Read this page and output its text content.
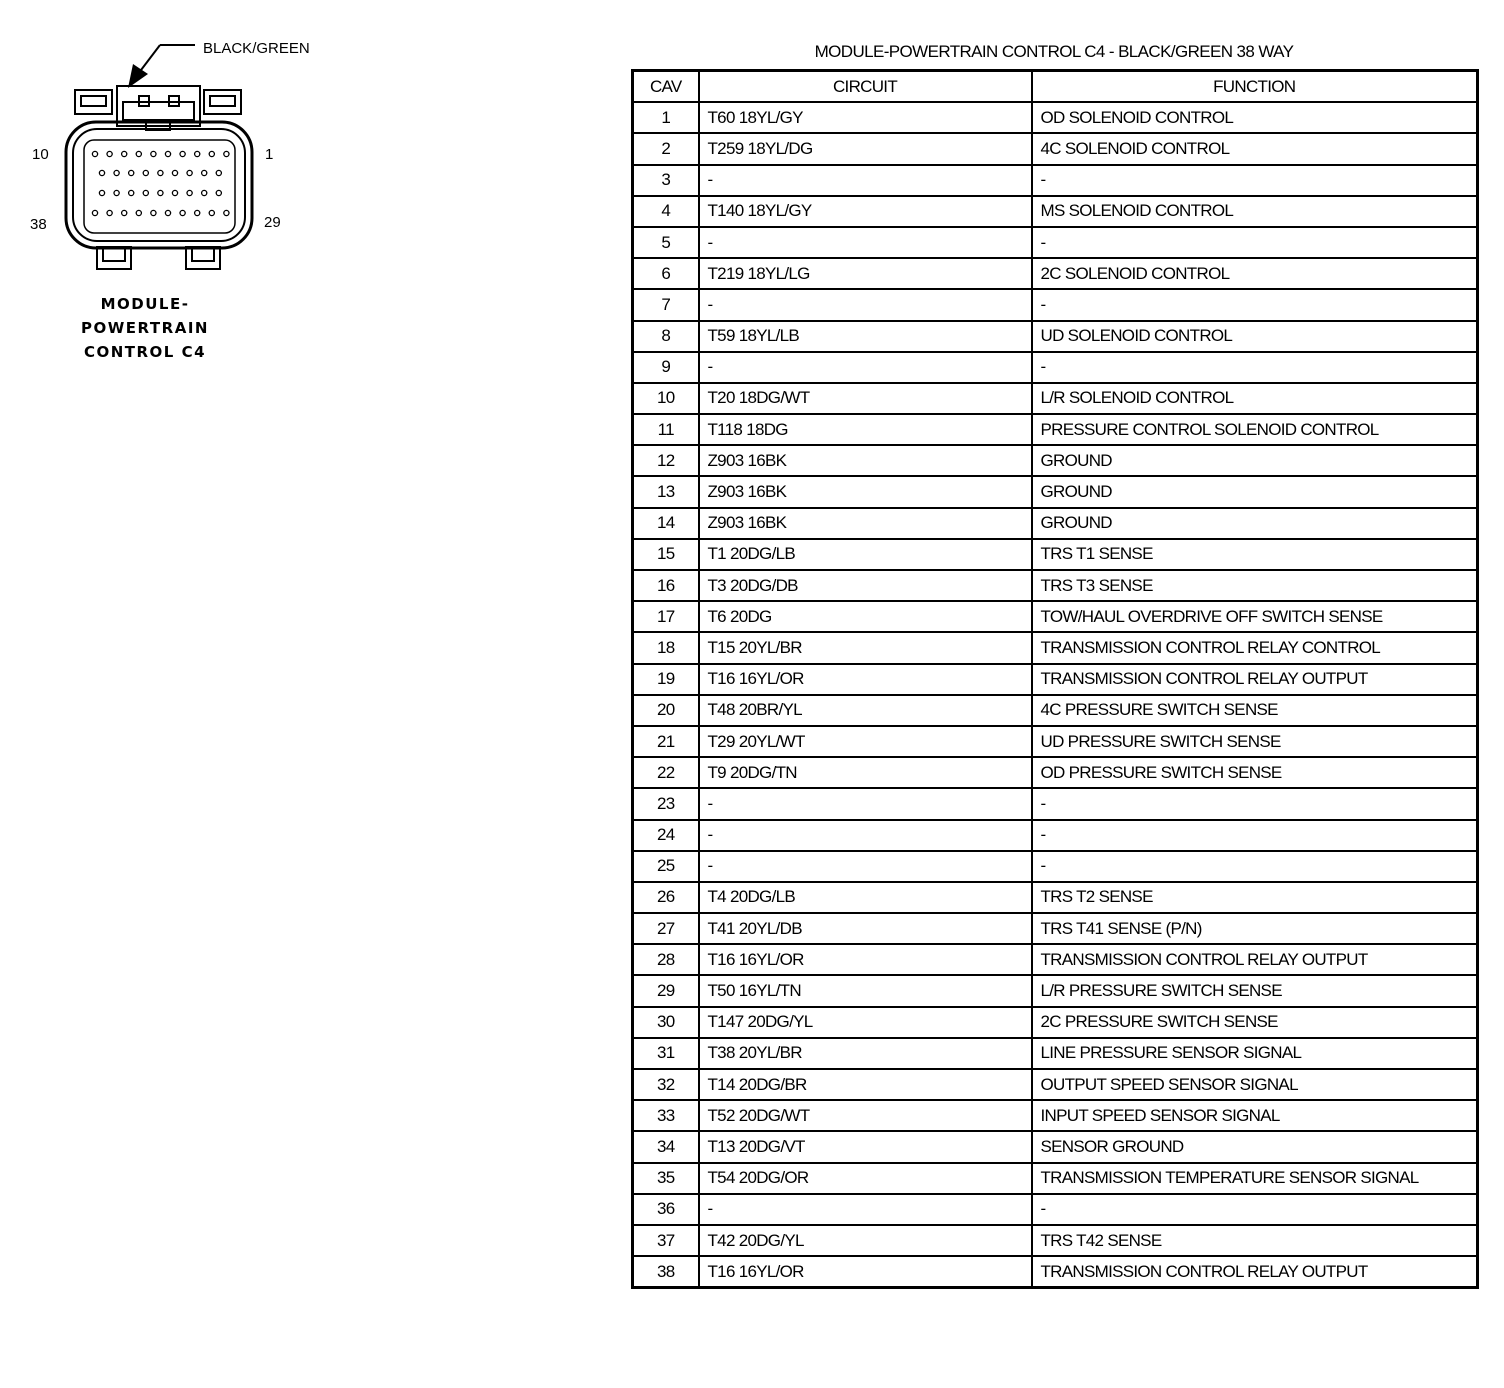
BLACK/GREEN
10	1
38	29
MODULE-
POWERTRAIN
CONTROL C4
MODULE-POWERTRAIN CONTROL C4 - BLACK/GREEN 38 WAY
CAV	CIRCUIT	FUNCTION
1	T60 18YL/GY	OD SOLENOID CONTROL
2	T259 18YL/DG	4C SOLENOID CONTROL
3	-	-
4	T140 18YL/GY	MS SOLENOID CONTROL
5	-	-
6	T219 18YL/LG	2C SOLENOID CONTROL
7	-	-
8	T59 18YL/LB	UD SOLENOID CONTROL
9	-	-
10	T20 18DG/WT	L/R SOLENOID CONTROL
11	T118 18DG	PRESSURE CONTROL SOLENOID CONTROL
12	Z903 16BK	GROUND
13	Z903 16BK	GROUND
14	Z903 16BK	GROUND
15	T1 20DG/LB	TRS T1 SENSE
16	T3 20DG/DB	TRS T3 SENSE
17	T6 20DG	TOW/HAUL OVERDRIVE OFF SWITCH SENSE
18	T15 20YL/BR	TRANSMISSION CONTROL RELAY CONTROL
19	T16 16YL/OR	TRANSMISSION CONTROL RELAY OUTPUT
20	T48 20BR/YL	4C PRESSURE SWITCH SENSE
21	T29 20YL/WT	UD PRESSURE SWITCH SENSE
22	T9 20DG/TN	OD PRESSURE SWITCH SENSE
23	-	-
24	-	-
25	-	-
26	T4 20DG/LB	TRS T2 SENSE
27	T41 20YL/DB	TRS T41 SENSE (P/N)
28	T16 16YL/OR	TRANSMISSION CONTROL RELAY OUTPUT
29	T50 16YL/TN	L/R PRESSURE SWITCH SENSE
30	T147 20DG/YL	2C PRESSURE SWITCH SENSE
31	T38 20YL/BR	LINE PRESSURE SENSOR SIGNAL
32	T14 20DG/BR	OUTPUT SPEED SENSOR SIGNAL
33	T52 20DG/WT	INPUT SPEED SENSOR SIGNAL
34	T13 20DG/VT	SENSOR GROUND
35	T54 20DG/OR	TRANSMISSION TEMPERATURE SENSOR SIGNAL
36	-	-
37	T42 20DG/YL	TRS T42 SENSE
38	T16 16YL/OR	TRANSMISSION CONTROL RELAY OUTPUT
